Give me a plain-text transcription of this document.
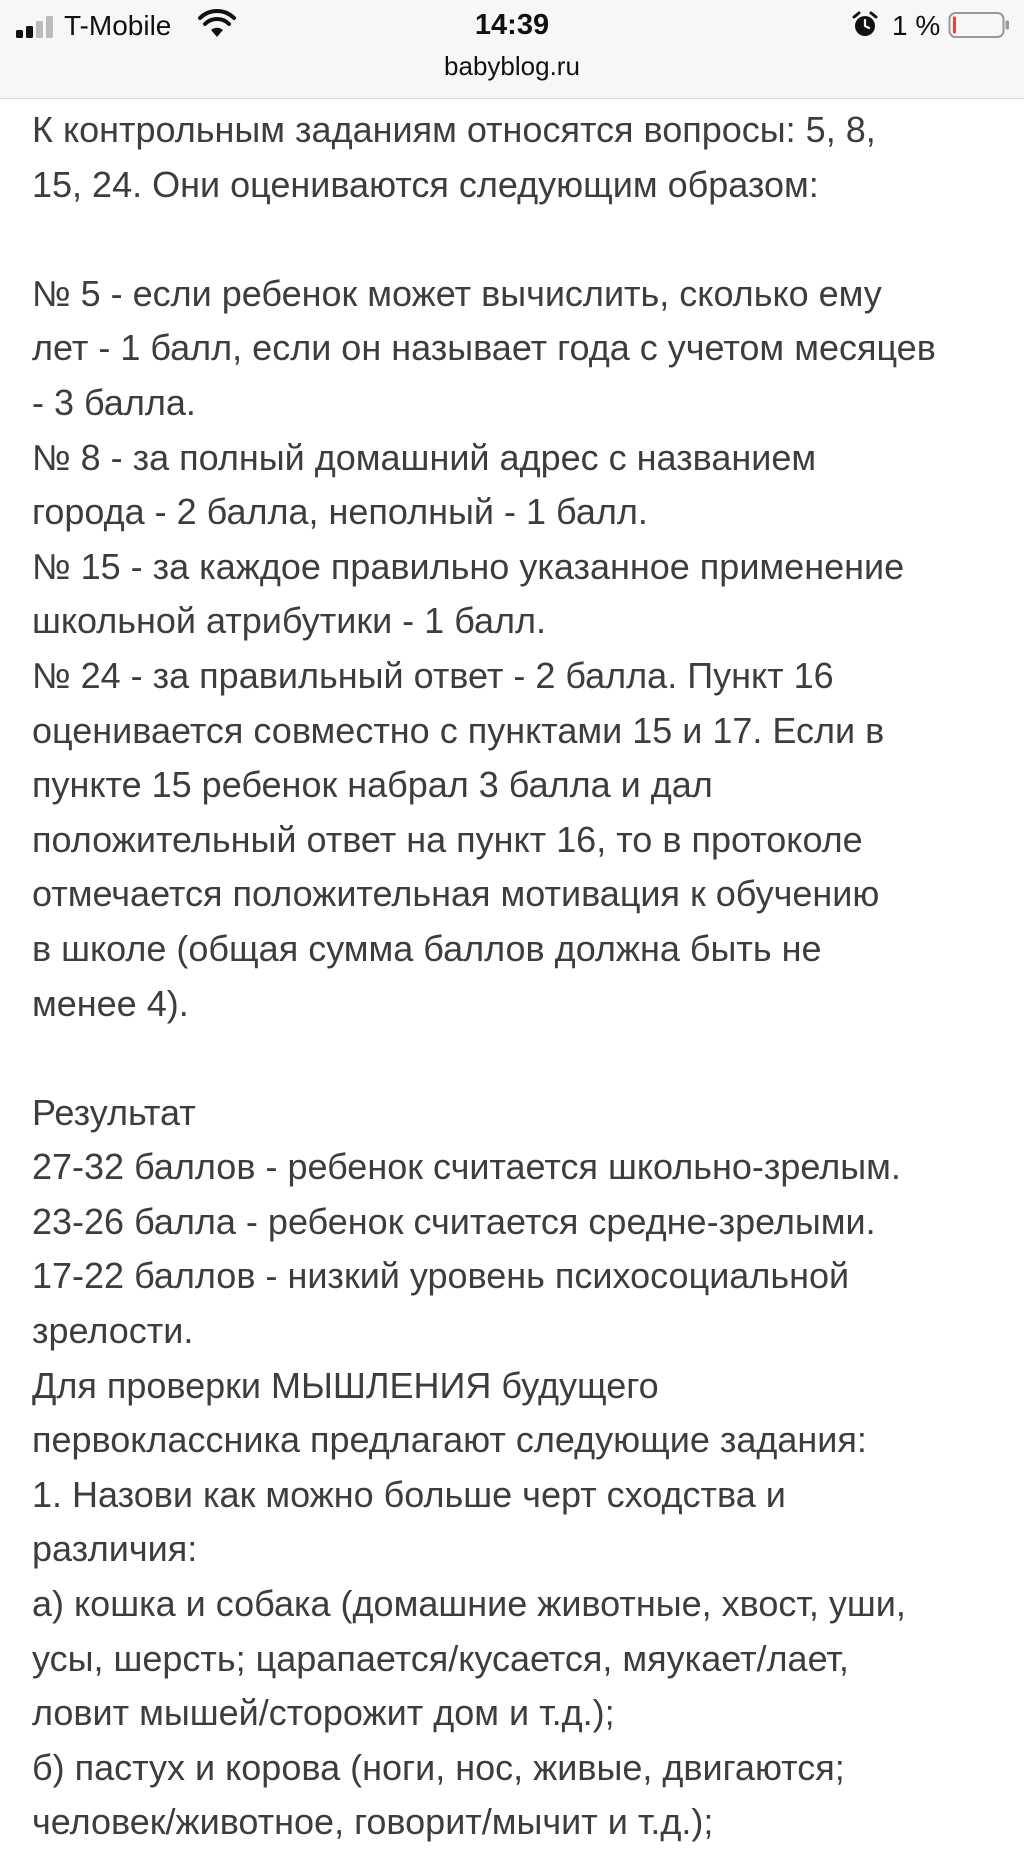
T-Mobile	14:39	1 %
babyblog.ru

К контрольным заданиям относятся вопросы: 5, 8,

15, 24. Они оцениваются следующим образом:

№ 5 - если ребенок может вычислить, сколько ему

лет - 1 балл, если он называет года с учетом месяцев

- 3 балла.

№ 8 - за полный домашний адрес с названием

города - 2 балла, неполный - 1 балл.

№ 15 - за каждое правильно указанное применение

школьной атрибутики - 1 балл.

№ 24 - за правильный ответ - 2 балла. Пункт 16

оценивается совместно с пунктами 15 и 17. Если в

пункте 15 ребенок набрал 3 балла и дал

положительный ответ на пункт 16, то в протоколе

отмечается положительная мотивация к обучению

в школе (общая сумма баллов должна быть не

менее 4).

Результат

27-32 баллов - ребенок считается школьно-зрелым.

23-26 балла - ребенок считается средне-зрелыми.

17-22 баллов - низкий уровень психосоциальной

зрелости.

Для проверки МЫШЛЕНИЯ будущего

первоклассника предлагают следующие задания:

1. Назови как можно больше черт сходства и

различия:

а) кошка и собака (домашние животные, хвост, уши,

усы, шерсть; царапается/кусается, мяукает/лает,

ловит мышей/сторожит дом и т.д.);

б) пастух и корова (ноги, нос, живые, двигаются;

человек/животное, говорит/мычит и т.д.);
